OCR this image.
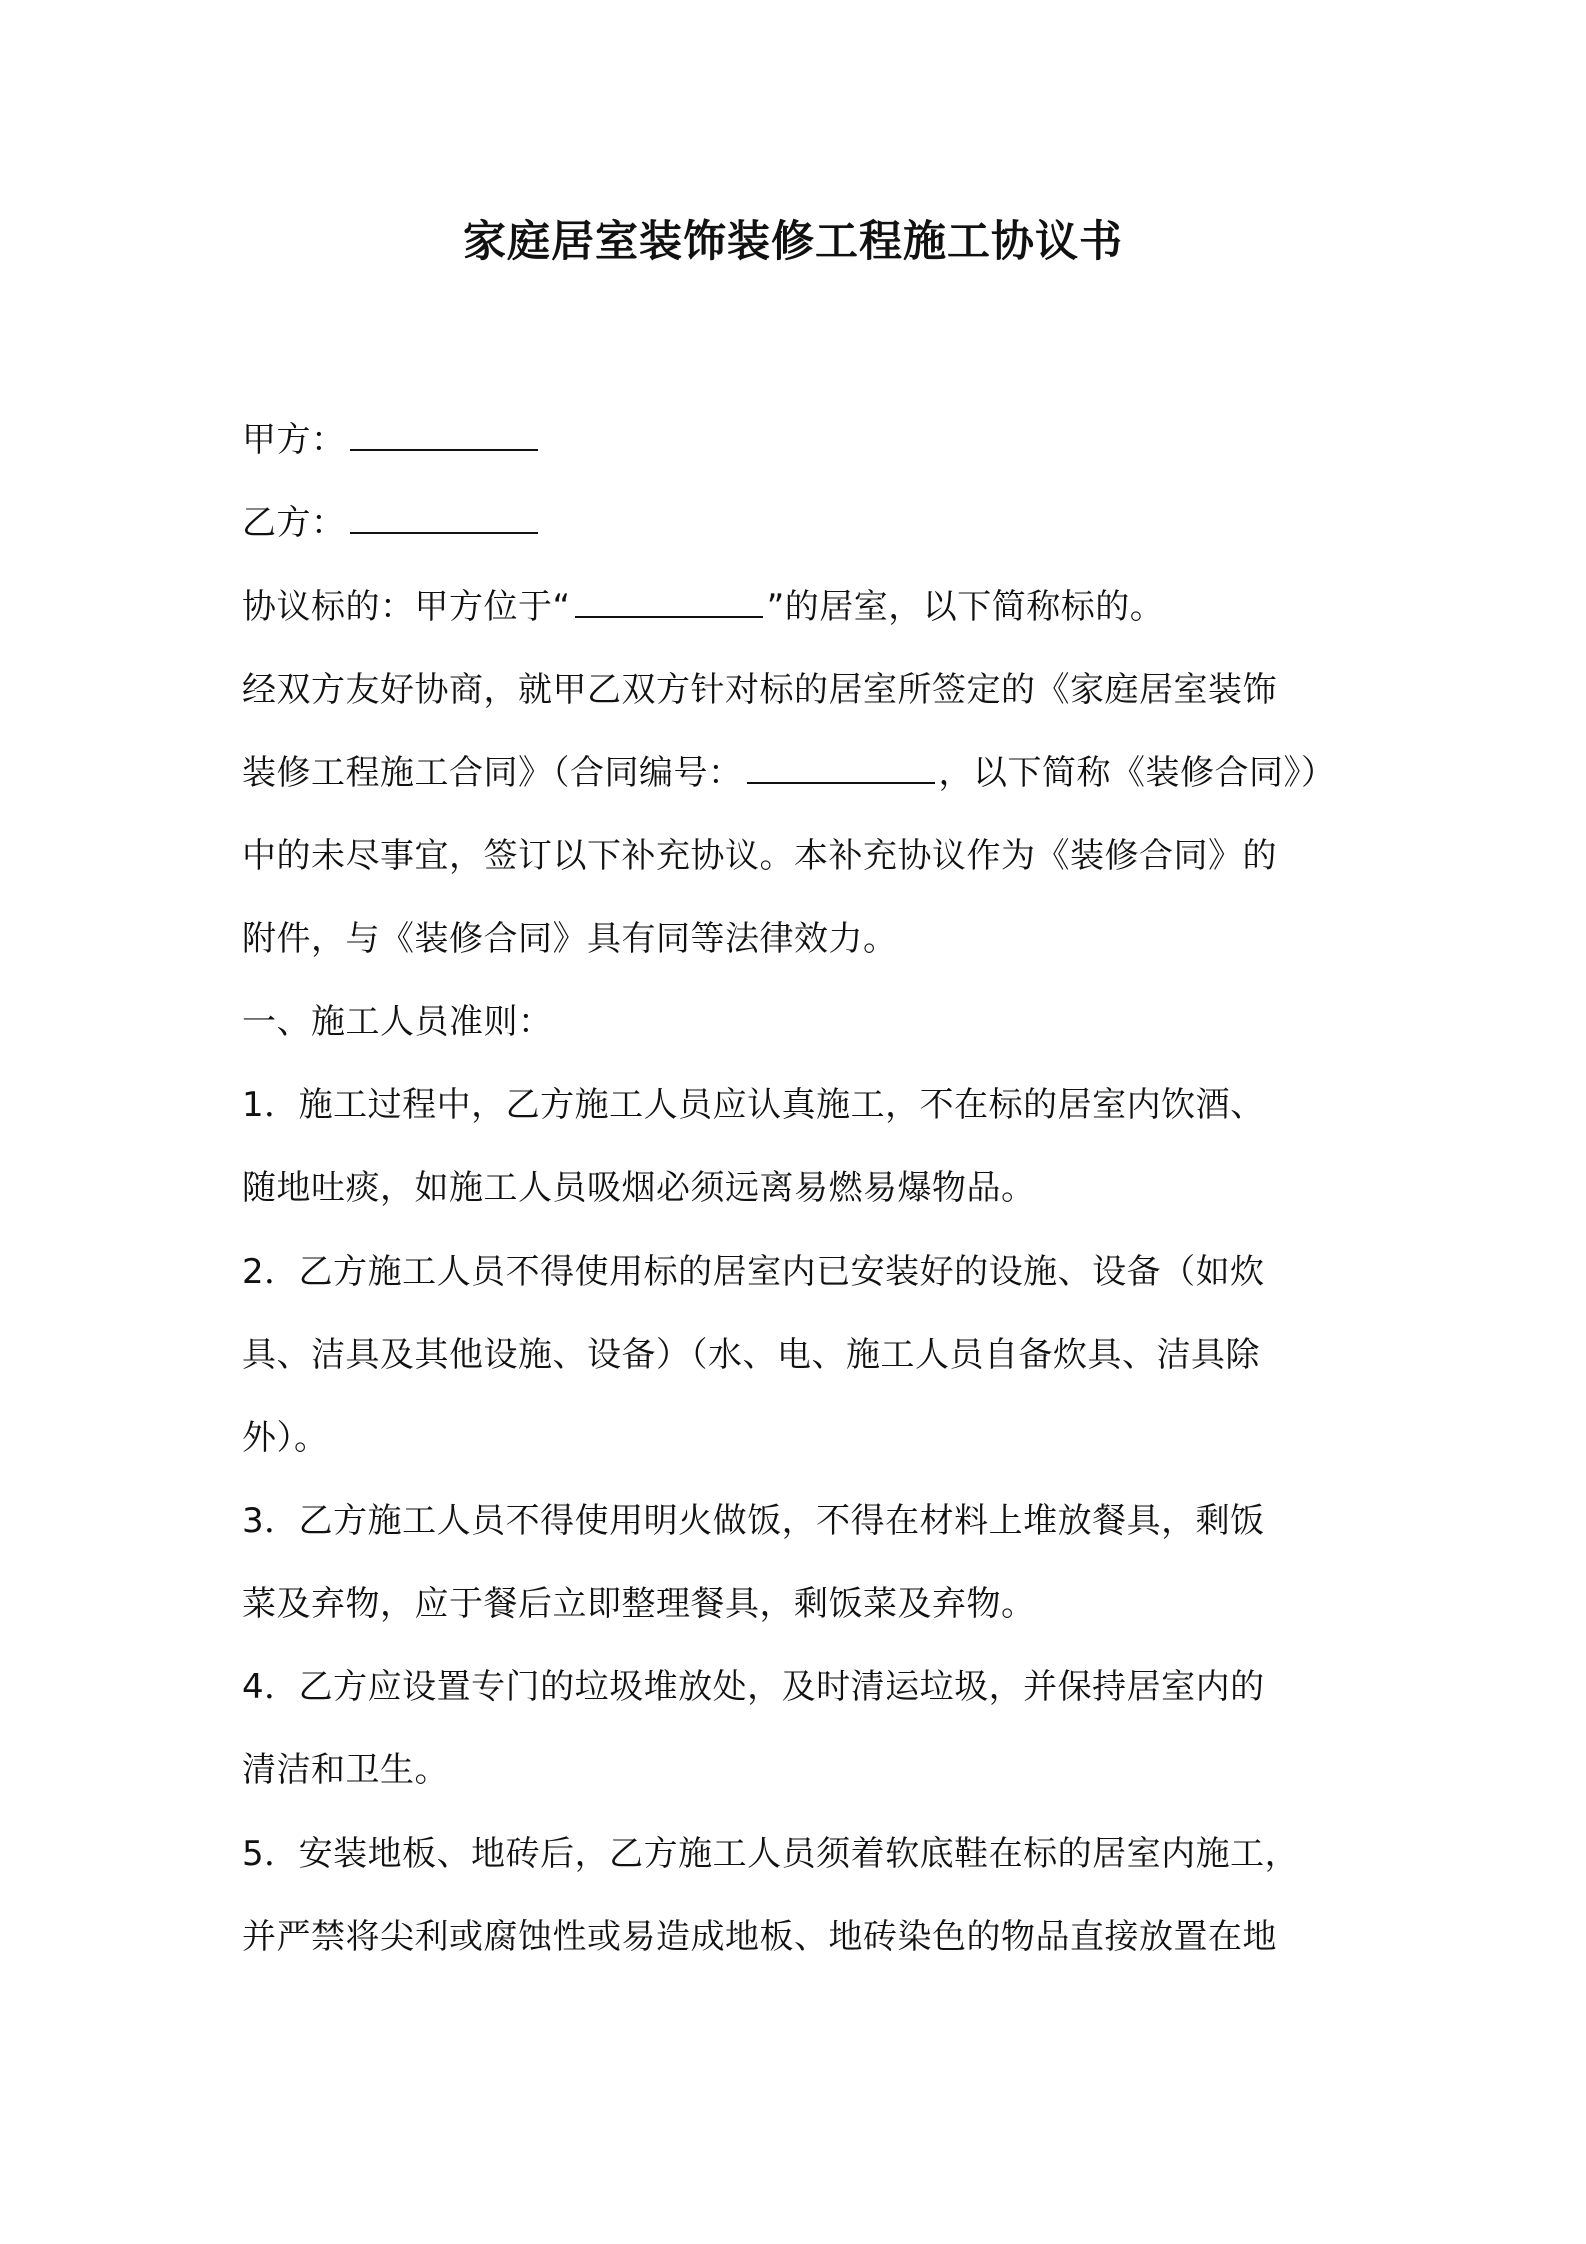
家庭居室装饰装修工程施工协议书
甲方：
乙方：
协议标的：甲方位于“	”的居室，以下简称标的。
经双方友好协商，就甲乙双方针对标的居室所签定的《家庭居室装饰
装修工程施工合同》（合同编号：	，以下简称《装修合同》）
中的未尽事宜，签订以下补充协议。本补充协议作为《装修合同》的
附件，与《装修合同》具有同等法律效力。
一、施工人员准则：
1．施工过程中，乙方施工人员应认真施工，不在标的居室内饮酒、
随地吐痰，如施工人员吸烟必须远离易燃易爆物品。
2．乙方施工人员不得使用标的居室内已安装好的设施、设备（如炊
具、洁具及其他设施、设备）（水、电、施工人员自备炊具、洁具除
外）。
3．乙方施工人员不得使用明火做饭，不得在材料上堆放餐具，剩饭
菜及弃物，应于餐后立即整理餐具，剩饭菜及弃物。
4．乙方应设置专门的垃圾堆放处，及时清运垃圾，并保持居室内的
清洁和卫生。
5．安装地板、地砖后，乙方施工人员须着软底鞋在标的居室内施工，
并严禁将尖利或腐蚀性或易造成地板、地砖染色的物品直接放置在地
